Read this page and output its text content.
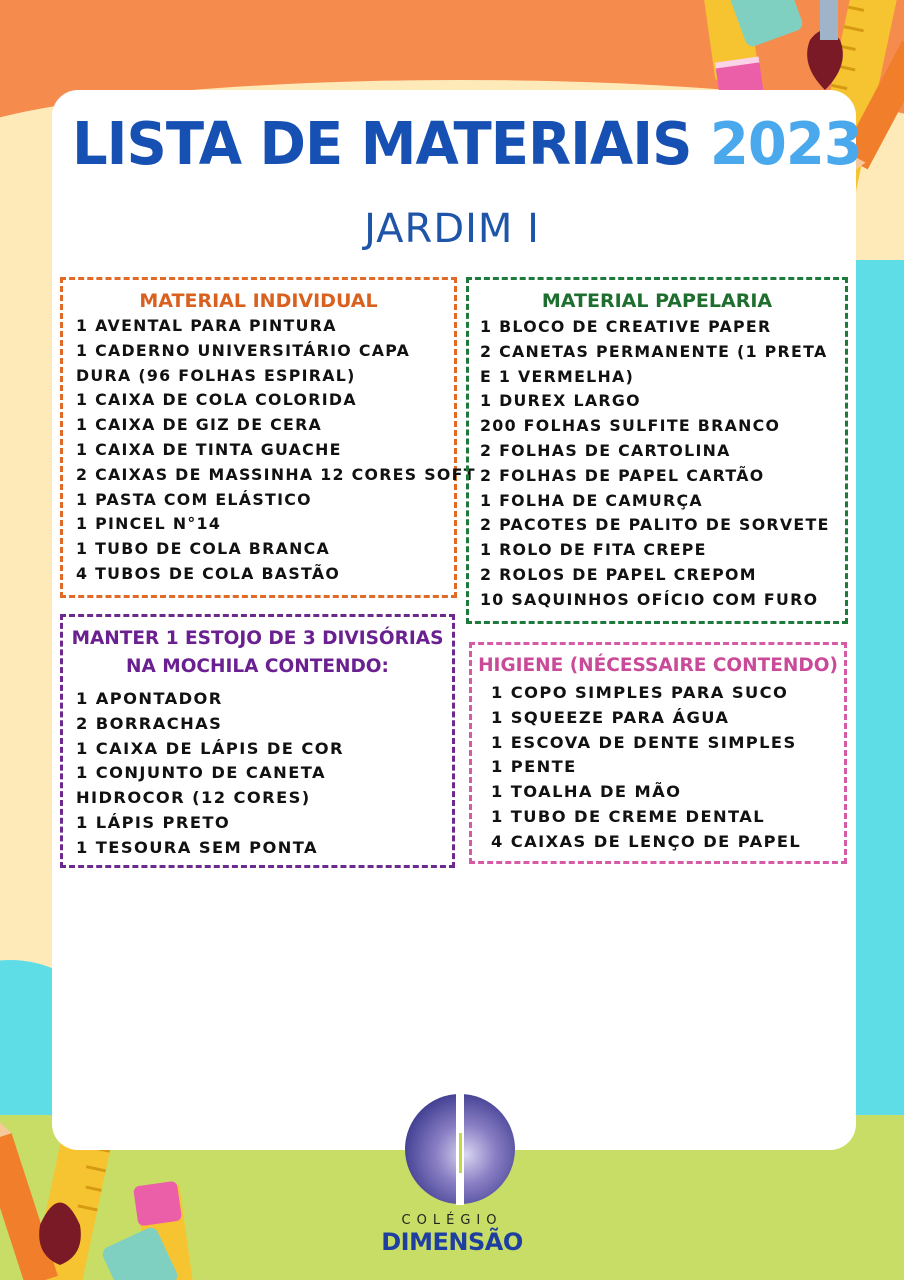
LISTA DE MATERIAIS 2023
JARDIM I
MATERIAL INDIVIDUAL
1 AVENTAL PARA PINTURA
1 CADERNO UNIVERSITÁRIO CAPA
DURA (96 FOLHAS ESPIRAL)
1 CAIXA DE COLA COLORIDA
1 CAIXA DE GIZ DE CERA
1 CAIXA DE TINTA GUACHE
2 CAIXAS DE MASSINHA 12 CORES SOFT
1 PASTA COM ELÁSTICO
1 PINCEL N°14
1 TUBO DE COLA BRANCA
4 TUBOS DE COLA BASTÃO
MATERIAL PAPELARIA
1 BLOCO DE CREATIVE PAPER
2 CANETAS PERMANENTE (1 PRETA
E 1 VERMELHA)
1 DUREX LARGO
200 FOLHAS SULFITE BRANCO
2 FOLHAS DE CARTOLINA
2 FOLHAS DE PAPEL CARTÃO
1 FOLHA DE CAMURÇA
2 PACOTES DE PALITO DE SORVETE
1 ROLO DE FITA CREPE
2 ROLOS DE PAPEL CREPOM
10 SAQUINHOS OFÍCIO COM FURO
MANTER 1 ESTOJO DE 3 DIVISÓRIAS
NA MOCHILA CONTENDO:
1 APONTADOR
2 BORRACHAS
1 CAIXA DE LÁPIS DE COR
1 CONJUNTO DE CANETA
HIDROCOR (12 CORES)
1 LÁPIS PRETO
1 TESOURA SEM PONTA
HIGIENE (NÉCESSAIRE CONTENDO)
1 COPO SIMPLES PARA SUCO
1 SQUEEZE PARA ÁGUA
1 ESCOVA DE DENTE SIMPLES
1 PENTE
1 TOALHA DE MÃO
1 TUBO DE CREME DENTAL
4 CAIXAS DE LENÇO DE PAPEL
COLÉGIO
DIMENSÃO
